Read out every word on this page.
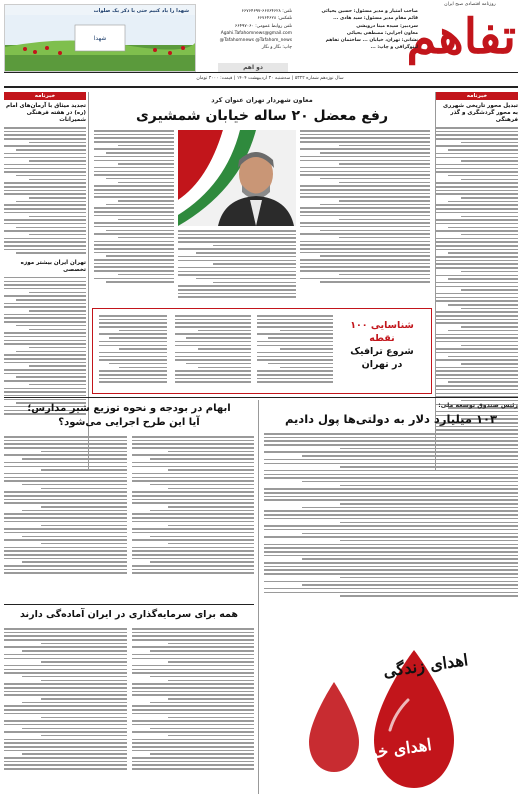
روزنامه اقتصادی صبح ایران
تفاهم
صاحب امتیاز و مدیر مسئول: حسین یحیائی
قائم مقام مدیر مسئول: سید هادی ...
سردبیر: سیده مینا درویشی
معاون اجرایی: مصطفی یحیائی
نشانی: تهران، خیابان ... ساختمان تفاهم
لیتوگرافی و چاپ: ...
تلفن: ۶۶۷۶۴۶۲۸-۶۶۷۶۴۶۹۷
تلفکس: ۶۶۷۶۴۶۲۸
تلفن روابط عمومی: ۶۶۴۹۷۰۶۰
Agahi.Tafahomnews@gmail.com
@Tafahomnews @Tafahom_news
چاپ: نگار و نگار
شهدا را یاد کنیم حتی با ذکر یک صلوات
شهدا
سال نوزدهم شماره ۵۳۲۲ | سه‌شنبه ۳۰ اردیبهشت ۱۴۰۴ | قیمت: ۳۰۰۰ تومان
دو اهم
خبرنامه
تبدیل محور تاریخی شهرری به محور گردشگری و گذر فرهنگی
خبرنامه
تجدید میثاق با آرمان‌های امام (ره) در هفته فرهنگی شمیرانات
تهران ایران بیشتر موزه تخصصی
معاون شهردار تهران عنوان کرد
رفع معضل ۲۰ ساله خیابان شمشیری
شناسایی ۱۰۰ نقطه
شروع ترافیک
در تهران
رئیس صندوق توسعه ملی:
۱۰۳ میلیارد دلار به دولتی‌ها پول دادیم
اهدای زندگی
اهدای خون
ابهام در بودجه و نحوه توزیع شیر مدارس؛
آیا این طرح اجرایی می‌شود؟
همه برای سرمایه‌گذاری در ایران آماده‌گی دارند
